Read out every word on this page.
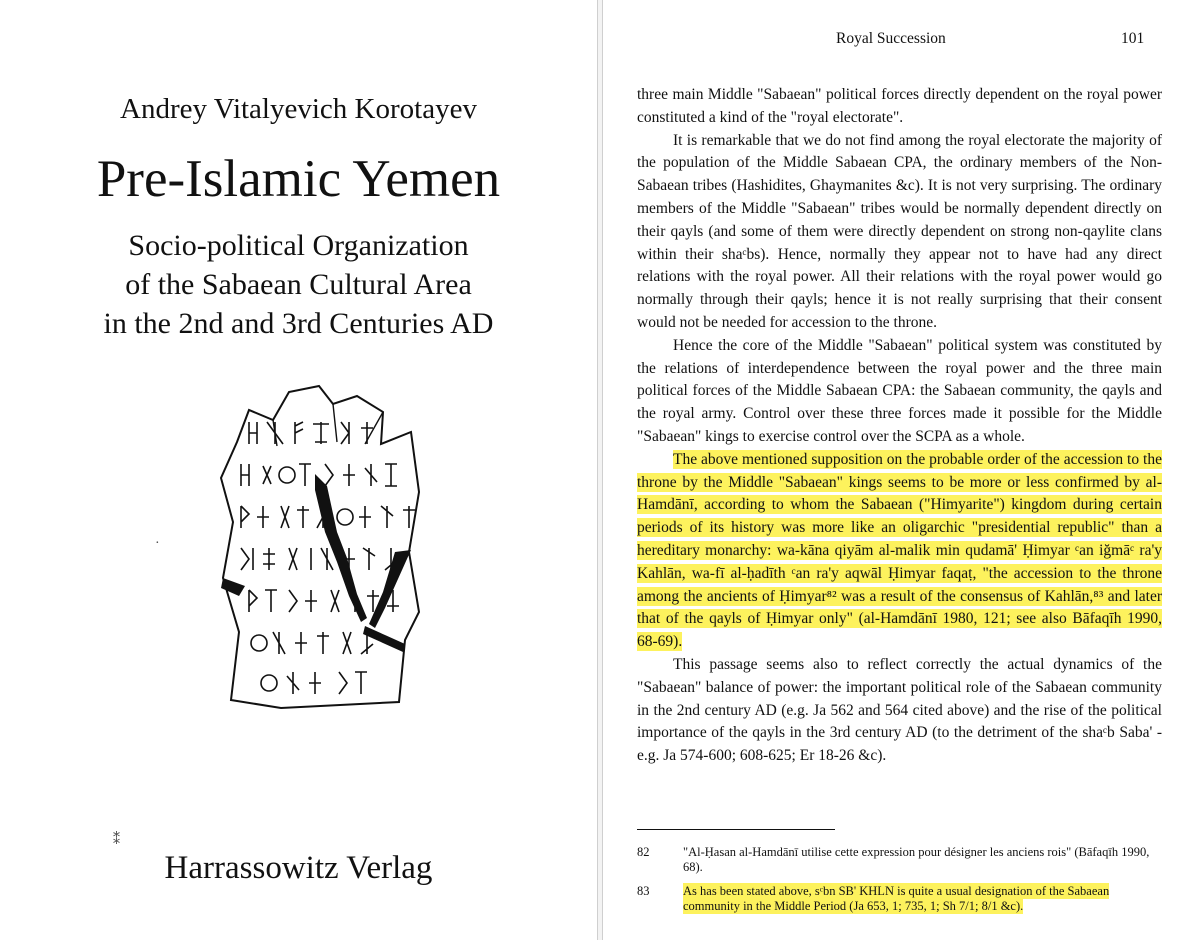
Andrey Vitalyevich Korotayev
Pre-Islamic Yemen
Socio-political Organization
of the Sabaean Cultural Area
in the 2nd and 3rd Centuries AD
·
⁑
Harrassowitz Verlag
Royal Succession	101

three main Middle "Sabaean" political forces directly dependent on the royal power constituted a kind of the "royal electorate".

It is remarkable that we do not find among the royal electorate the majority of the population of the Middle Sabaean CPA, the ordinary members of the Non-Sabaean tribes (Hashidites, Ghaymanites &c). It is not very surprising. The ordinary members of the Middle "Sabaean" tribes would be normally dependent directly on their qayls (and some of them were directly dependent on strong non-qaylite clans within their shaᶜbs). Hence, normally they appear not to have had any direct relations with the royal power. All their relations with the royal power would go normally through their qayls; hence it is not really surprising that their consent would not be needed for accession to the throne.

Hence the core of the Middle "Sabaean" political system was constituted by the relations of interdependence between the royal power and the three main political forces of the Middle Sabaean CPA: the Sabaean community, the qayls and the royal army. Control over these three forces made it possible for the Middle "Sabaean" kings to exercise control over the SCPA as a whole.

The above mentioned supposition on the probable order of the accession to the throne by the Middle "Sabaean" kings seems to be more or less confirmed by al-Hamdānī, according to whom the Sabaean ("Himyarite") kingdom during certain periods of its history was more like an oligarchic "presidential republic" than a hereditary monarchy: wa-kāna qiyām al-malik min qudamā' Ḥimyar ᶜan iğmāᶜ ra'y Kahlān, wa-fī al-ḥadīth ᶜan ra'y aqwāl Ḥimyar faqaṭ, "the accession to the throne among the ancients of Ḥimyar⁸² was a result of the consensus of Kahlān,⁸³ and later that of the qayls of Ḥimyar only" (al-Hamdānī 1980, 121; see also Bāfaqīh 1990, 68-69).

This passage seems also to reflect correctly the actual dynamics of the "Sabaean" balance of power: the important political role of the Sabaean community in the 2nd century AD (e.g. Ja 562 and 564 cited above) and the rise of the political importance of the qayls in the 3rd century AD (to the detriment of the shaᶜb Saba' - e.g. Ja 574-600; 608-625; Er 18-26 &c).

82	"Al-Ḥasan al-Hamdānī utilise cette expression pour désigner les anciens rois" (Bāfaqīh 1990, 68).
83	As has been stated above, sᶜbn SB' KHLN is quite a usual designation of the Sabaean community in the Middle Period (Ja 653, 1; 735, 1; Sh 7/1; 8/1 &c).
